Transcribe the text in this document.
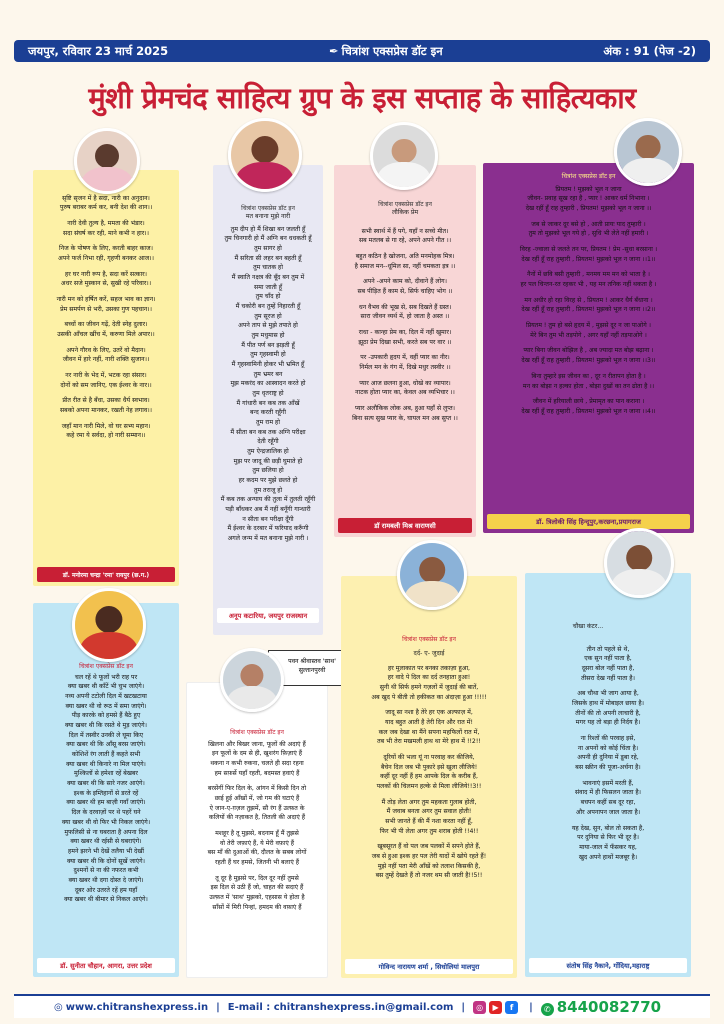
जयपुर, रविवार 23 मार्च 2025	✒ चित्रांश एक्सप्रेस डॉट इन	अंक : 91 (पेज -2)
मुंशी प्रेमचंद साहित्य ग्रुप के इस सप्ताह के साहित्यकार
सृष्टि सृजन में है सदा, नारी का अनुदान।
पुरुष बराबर कर्म कर, बनी देश की शान।।
नारी देवी तुल्य है, ममता की भंडार।
सदा संघर्ष कर रही, माने कभी न हार।।
निज के पोषण के लिए, करती बाहर काज।
अपने फर्ज निभा रही, गृहणी बनकर आज।।
हर घर नारी रूप है, सदा करें सत्कार।
अधर सजे मुस्कान से, सुखी रहे परिवार।।
नारी मन को हर्षित करें, सहज भाव का ज्ञान।
प्रेम समर्पण से भरी, उसका गुण पहचान।।
बच्चों का जीवन गढ़ें, देती स्नेह दुलार।
उसकी आँचल खींच में, करुणा मिले अपार।।
अपने गौरव के लिए, उतरें वो मैदान।
जीवन में हारे नहीं, नारी शक्ति सुजान।।
नर नारी के भेद में, भटक रहा संसार।
दोनों को सम जानिए, एक ईश्वर के नार।।
प्रीत रीत से है बँधा, उसका धैर्य स्वभाव।
सबको अपना मानकर, रखती नेह लगाव।।
जहाँ मान नारी मिले, वो घर सभ्य महान।
कहे रमा ये सर्वदा, हो नारी सम्मान।।
डॉ. मनोरमा चन्द्रा 'रमा' रायपुर (छ.ग.)
चित्रांश एक्सप्रेस डॉट इन
मत बनाना मुझे नारी
तुम दीप हो मैं शिखा बन जलती हूँ
तुम चिनगारी हो मैं अग्नि बन धधकती हूँ
तुम सागर हो
मैं सरिता सी लहर बन बहती हूँ
तुम चातक हो
मैं स्वाति नक्षत्र की बूँद बन तुम में
समा जाती हूँ
तुम चाँद हो
मैं चकोरी बन तुम्हें निहारती हूँ
तुम सूरज हो
अपने ताप से मुझे तपाते हो
तुम मधुमास हो
मैं पीत पर्ण बन झड़ती हूँ
तुम गृहस्वामी हो
मैं गृहस्वामिनी होकर भी भ्रमित हूँ
तुम भ्रमर बन
मुझ मकरंद का आस्वादन करते हो
तुम धृतराष्ट्र हो
मैं गांधारी बन कब तक आँखें
बन्द करती रहूँगी
तुम राम हो
मैं सीता बन कब तक अग्नि परीक्षा
देती रहूँगी
तुम ऐन्द्रजालिक हो
मुझ पर जादू की छड़ी घुमाते हो
तुम छलिया हो
हर कदम पर मुझे छलते हो
तुम तराजू हो
मैं कब तक अन्याय की तुला में तुलती रहूँगी
पड़ी बाँधकर अब मैं नहीं बनूँगी गान्धारी
न सीता बन परीक्षा दूँगी
मैं ईश्वर के दरबार में फरियाद करूँगी
अगले जन्म में मत बनाना मुझे नारी ।
अनूप कटारिया, जयपुर राजस्थान
चित्रांश एक्सप्रेस डॉट इन
लौकिक प्रेम
सभी स्वार्थ में हैं पगे, यहाँ न सच्चे मीत।
सब मतलब से गा रहे, अपने अपने गीत ।।
बहुत कठिन है खोजना, अति मनमोहक मित्र।
है समाज मन--धूमिल सा, नहीं चमकता इत्र ।।
अपने -अपने काम को, दीवाने हैं लोग।
सब पीड़ित हैं काम से, सिर्फ चाहिए भोग ।।
धन वैभव की भूख से, सब दिखते हैं ग्रस्त।
सारा जीवन व्यर्थ में, हो जाता है अस्त ।।
राधा - कान्हा प्रेम का, दिल में नहीं खुमार।
झूठा प्रेम दिखा सभी, करते सब पर वार ।।
पर -उपकारी हृदय में, वहीं प्यार का नीर।
निर्मल मन के गंग में, दिखे मधुर तस्वीर ।।
प्यार आज छलना हुआ, धोखे का व्यापार।
नाटक होता प्यार का, केवल अब व्यभिचार ।।
प्यार अलौकिक लोक अब, हुआ यहाँ से लुप्त।
बिना सत्य सुख प्यार के, घायल मन अब सुप्त ।।
डॉ रामबली मिश्र वाराणसी
चित्रांश एक्सप्रेस डॉट इन
प्रियतम ! मुझको भूल न जाना
जीवन- प्रवाह सूख रहा है , प्यार ! आकर धर्म निभाना ।
देख रहीं हूँ राह तुम्हारी , प्रियतम! मुझको भूल न जाना ।।
जब से जाकर दूर बसे हो , आती प्रायः याद तुम्हारी ।
तुम तो मुझको भूल गये हो , सुधि भी लेते नहीं हमारी ।
विरह -ज्वाला से जलते तन पर, प्रियतम ! प्रेम -सुधा बरसाना ।
देख रहीं हूँ राह तुम्हारी , प्रियतम! मुझको भूल न जाना ।।1।।
नैनों में छवि बसी तुम्हारी , मनमय मम मन को भाता है ।
हर पल चिन्तन-रत रहकर भी , यह मन तनिक नहीं थकता है ।
मन अधीर हो रहा विरह से , प्रियतम ! आकर धैर्य बँधाना ।
देख रहीं हूँ राह तुम्हारी , प्रियतम! मुझको भूल न जाना ।।2।।
प्रियतम ! तुम हो बसे हृदय में , मुझसे दूर न जा पाओगे ।
मेरे बिन तुम भी तड़पोगे , अगर यहाँ नहीं तड़पाओगे ।
प्यार बिना जीवन बोझिल है , अब ज्यादा मत बोझ बढ़ाना ।
देख रहीं हूँ राह तुम्हारी , प्रियतम! मुझको भूल न जाना ।।3।।
बिना तुम्हारे इस जीवन का , दूर न रीतापन होता है ।
मन का बोझा न हल्का होता , बोझा दुखों का तन ढोता है ।।
जीवन में हरियाली छाये , प्रेमामृत का पान कराना ।
देख रहीं हूँ राह तुम्हारी , प्रियतम! मुझको भूल न जाना ।।4।।
डॉ. त्रिलोकी सिंह हिन्दूपुर,करछना,प्रयागराज
चित्रांश एक्सप्रेस डॉट इन
चल रहें थे फूलों भरी राह पर
क्या खबर थी काँटें भी चुभ जाएंगे।
नव्य अपनी टटोली दिल में खटखटाया
क्या खबर थी वो रूठ में समा जाएंगे।
पीड़ कारके को हमसे हैं बैठे हुए
क्या खबर थी कि रसते थे मुड़ जाएंगे।
दिल में तस्वीर उनकी ले घूमा किए
क्या खबर थी कि आँसू बरस जाएंगे।
कोशिशें रंग लाती हैं कहते सभी
क्या खबर थी किनारे ना मिल पाएंगे।
मुश्किलों से हमेशा रहें बेखबर
क्या खबर थी कि सारे नजर आएंगे।
इश्क के इम्तिहानों से डरते रहें
क्या खबर थी हम बाज़ी गवाँ जाएंगे।
दिल के दरवाज़ों पर थे पहरें घने
क्या खबर थी वो फिर भी निकल जाएंगे।
मुफलिसी से ना घबराता है अपना दिल
क्या खबर थी रईसी से घबराएंगे।
हमने झरने भी देखें तलैया भी देखीं
क्या खबर थी कि दोनों सूखें जाएंगे।
दुश्मनों से ना की नफरत कभी
क्या खबर थी दगा दोस्त दे जाएंगे।
दूबर ओर उतरते रहें हम यहाँ
क्या खबर थी बीमार से निकल आएंगे।
डॉ. सुनीता चौहान, आगरा, उत्तर प्रदेश
चित्रांश एक्सप्रेस डॉट इन
खिलना और बिखर जाना, फूलों की अदाएं हैं
इन फूलों के दम से ही, खुशरंग फ़िज़ाएं हैं
थकना न कभी रुकना, चलते ही सदा रहना
हम सफ़र्से यहाँ रहती, बदमस्त हवाएं हैं
बरसेंगीं फिर दिल के, आंगन में किसी दिन तो
छाई हुई आँखों में, जो गम की घटाएं हैं
ऐ जान-ए-ग़ज़ल तुझमें, सौ रंग हैं उल्फ़त के
कलियों की नज़ाकत है, तितली की अदाएं हैं
मशहूर है तू मुझसे, बदनाम हूँ मैं तुझसे
वो तेरी जफ़ाएं हैं, ये मेरी वफ़ाएं हैं
बस माँ की दुआओं की, दौलत के सबब लोगों
रहती हैं घर हमसे, जितनी भी बलाएं हैं
तू दूर है मुझसे पर, दिल दूर नहीं तुमसे
इस दिल से उठी हैं जो, चाहत की सदाएं हैं
उल्फ़त में 'साथ' मुझको, एहसास ये होता है
साँसों में मिरी पिन्हां, हमदम की वफ़ाएं हैं
पवन श्रीवास्तव 'साथ'
सुल्तानपुरवी
चित्रांश एक्सप्रेस डॉट इन
दर्द- ए- जुदाई
हर मुलाकात पर बनका तकाज़ा हुआ,
हर वादे पे दिल का दर्द तनहाता हुआ!
सुनी थी सिर्फ हमने गज़लों में जुदाई की बातें,
अब खुद पे बीती तो हकीकत का अंदाज़ा हुआ !!!!!
जादू सा नशा है तेरे हर एक अल्फाज़ में,
याद बहुत आती है तेरी दिन और रात में!
कल जब देखा था मैंने सपना महफिलों रात में,
तब भी तेरा मखमली हाथ था मेरे हाथ में !!2!!
दूरियों की भला यूं ना परवाह कर कीजिये,
बैचेन दिल जब भी पुकारे इसे खुला लीजिये!
कहीं दूर नहीं हैं हम आपके दिल के करीब हैं,
पलकों की चिलमन हल्के से मिला लीजिये!!3!!
मैं तोड़ लेता अगर तुम महकता गुलाब होती,
मैं जवाब बनता अगर तुम सवाल होती!
सभी जानते हैं की मैं नशा करता नहीं हूँ,
फिर भी पी लेता अगर तुम शराब होती !!4!!
खूबसूरत हैं वो पल जब पलकों में सपने होते हैं,
जब से हुआ इश्क हर पल तेरी यादों में खोये रहते हैं!
मुझे नहीं पता मेरी आँखें को तलाश किसकी है,
बस तुम्हें देखते हैं तो नजर थम सी जाती है!!5!!
गोविन्द नारायण शर्मा , सिधोलियां मालपुरा
चौखा कंटर...
तीन तो पहले से थे,
एक सुन नहीं पाता है,
दूसरा बोल नहीं पाता है,
तीसरा देख नहीं पाता है।
अब चौथा भी जाग आया है,
जिसके हाथ में मोबाइल छाया है।
तीनों की तो अपनी लाचारी है,
मगर यह तो बड़ा ही निर्दय है।
ना रिश्तों की परवाह इसे,
ना अपनों को कोई चिंता है।
अपनी ही दुनिया में डूबा रहे,
बस स्क्रीन की पूजा-अर्चना है।
भावनाएं इसमें मरती हैं,
संवाद में ही फिसलन जाता है।
बचपन कहीं सब दूर रहा,
और अपनापन जाल जाता है।
यह देख, सुन, बोल तो सकता है,
पर दुनिया से फिर भी दूर है।
माया-जाल में फँसकर यह,
खुद अपने हाथों मजबूर है।
संतोष सिंह नैकाने, गोंदिया,महाराष्ट्र
◎ www.chitranshexpress.in | E-mail : chitranshexpress.in@gmail.com |	◎ ▶ f	|	✆ 8440082770
